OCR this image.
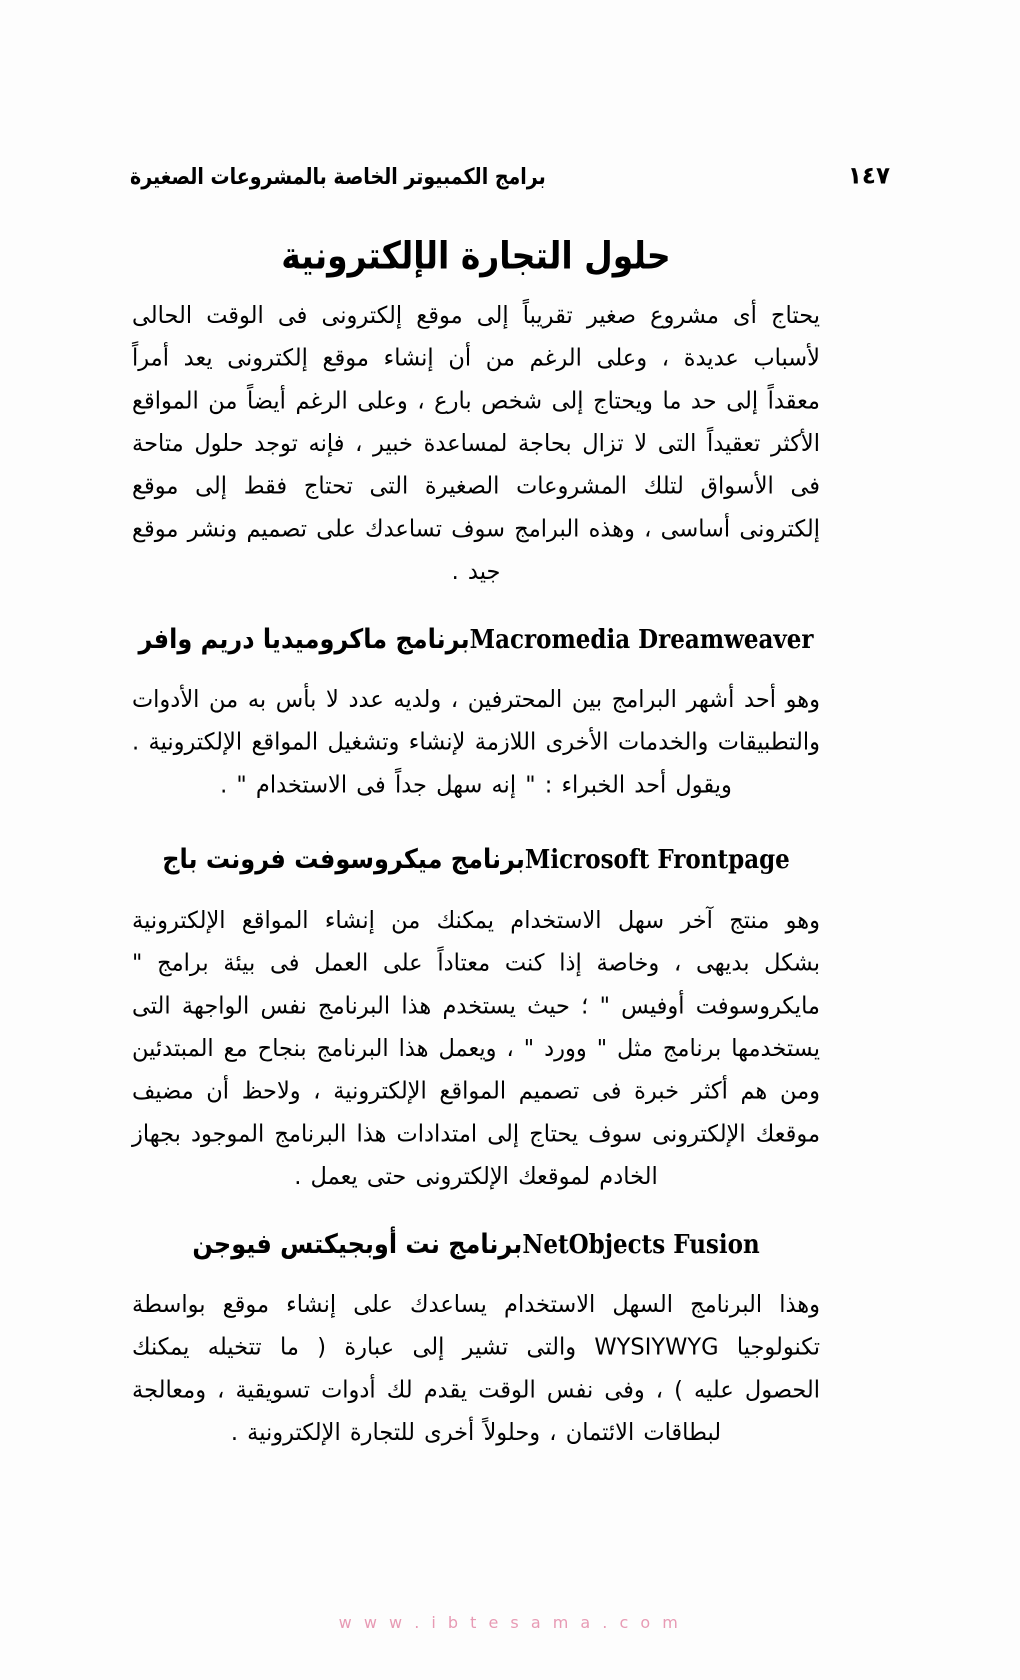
برامج الكمبيوتر الخاصة بالمشروعات الصغيرة	١٤٧
حلول التجارة الإلكترونية

يحتاج أى مشروع صغير تقريباً إلى موقع إلكترونى فى الوقت الحالى لأسباب عديدة ، وعلى الرغم من أن إنشاء موقع إلكترونى يعد أمراً معقداً إلى حد ما ويحتاج إلى شخص بارع ، وعلى الرغم أيضاً من المواقع الأكثر تعقيداً التى لا تزال بحاجة لمساعدة خبير ، فإنه توجد حلول متاحة فى الأسواق لتلك المشروعات الصغيرة التى تحتاج فقط إلى موقع إلكترونى أساسى ، وهذه البرامج سوف تساعدك على تصميم ونشر موقع جيد .

Macromedia Dreamweaverبرنامج ماكروميديا دريم وافر

وهو أحد أشهر البرامج بين المحترفين ، ولديه عدد لا بأس به من الأدوات والتطبيقات والخدمات الأخرى اللازمة لإنشاء وتشغيل المواقع الإلكترونية . ويقول أحد الخبراء : " إنه سهل جداً فى الاستخدام " .

Microsoft Frontpageبرنامج ميكروسوفت فرونت باج

وهو منتج آخر سهل الاستخدام يمكنك من إنشاء المواقع الإلكترونية بشكل بديهى ، وخاصة إذا كنت معتاداً على العمل فى بيئة برامج " مايكروسوفت أوفيس " ؛ حيث يستخدم هذا البرنامج نفس الواجهة التى يستخدمها برنامج مثل " وورد " ، ويعمل هذا البرنامج بنجاح مع المبتدئين ومن هم أكثر خبرة فى تصميم المواقع الإلكترونية ، ولاحظ أن مضيف موقعك الإلكترونى سوف يحتاج إلى امتدادات هذا البرنامج الموجود بجهاز الخادم لموقعك الإلكترونى حتى يعمل .

NetObjects Fusionبرنامج نت أوبجيكتس فيوجن

وهذا البرنامج السهل الاستخدام يساعدك على إنشاء موقع بواسطة تكنولوجيا WYSIYWYG والتى تشير إلى عبارة ( ما تتخيله يمكنك الحصول عليه ) ، وفى نفس الوقت يقدم لك أدوات تسويقية ، ومعالجة لبطاقات الائتمان ، وحلولاً أخرى للتجارة الإلكترونية .

w w w . i b t e s a m a . c o m
